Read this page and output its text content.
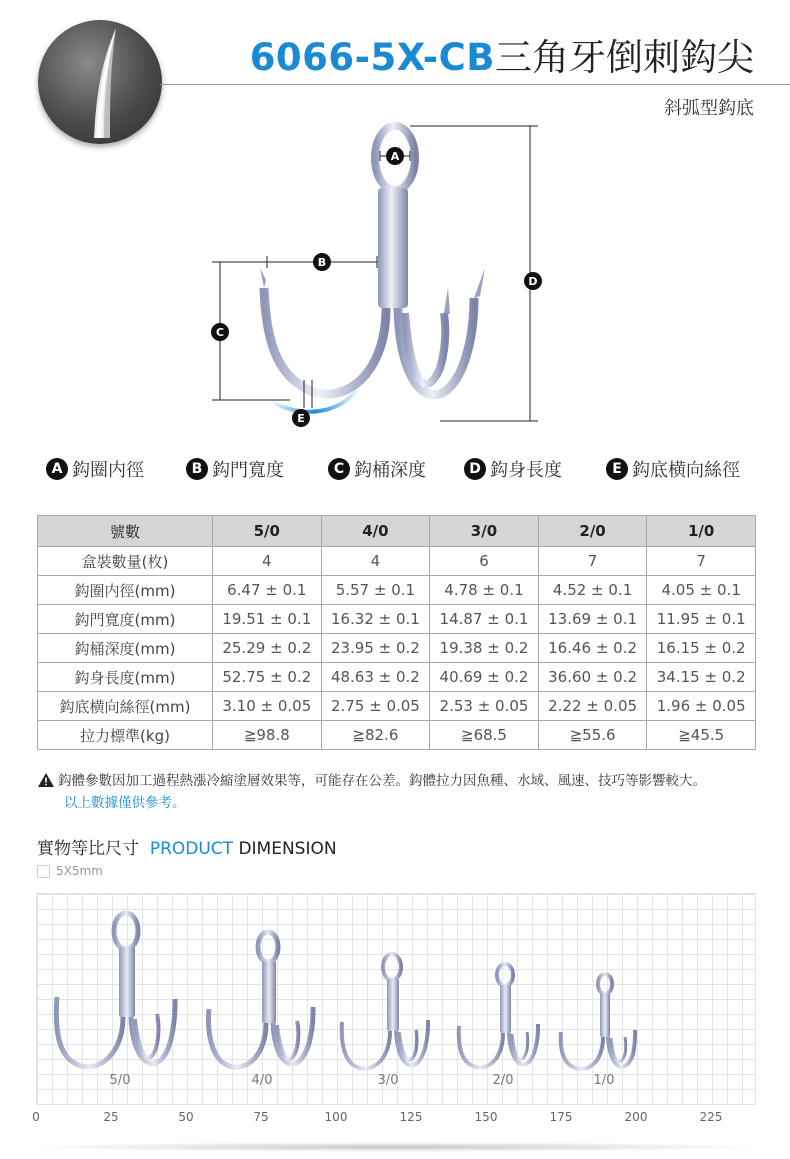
6066-5X-CB三角牙倒刺鈎尖
斜弧型鈎底
A
B
C
D
E
A 鈎圈内徑	B 鈎門寬度	C 鈎桶深度	D 鈎身長度	E 鈎底横向絲徑
號數	5/0	4/0	3/0	2/0	1/0
盒裝數量(枚)	4	4	6	7	7
鈎圈内徑(mm)	6.47 ± 0.1	5.57 ± 0.1	4.78 ± 0.1	4.52 ± 0.1	4.05 ± 0.1
鈎門寬度(mm)	19.51 ± 0.1	16.32 ± 0.1	14.87 ± 0.1	13.69 ± 0.1	11.95 ± 0.1
鈎桶深度(mm)	25.29 ± 0.2	23.95 ± 0.2	19.38 ± 0.2	16.46 ± 0.2	16.15 ± 0.2
鈎身長度(mm)	52.75 ± 0.2	48.63 ± 0.2	40.69 ± 0.2	36.60 ± 0.2	34.15 ± 0.2
鈎底横向絲徑(mm)	3.10 ± 0.05	2.75 ± 0.05	2.53 ± 0.05	2.22 ± 0.05	1.96 ± 0.05
拉力標準(kg)	≧98.8	≧82.6	≧68.5	≧55.6	≧45.5
鈎體參數因加工過程熱漲冷縮塗層效果等，可能存在公差。鈎體拉力因魚種、水域、風速、技巧等影響較大。
以上數據僅供參考。
實物等比尺寸 PRODUCT DIMENSION
5X5mm
5/0	4/0	3/0	2/0	1/0
0	25	50	75	100	125	150	175	200	225
